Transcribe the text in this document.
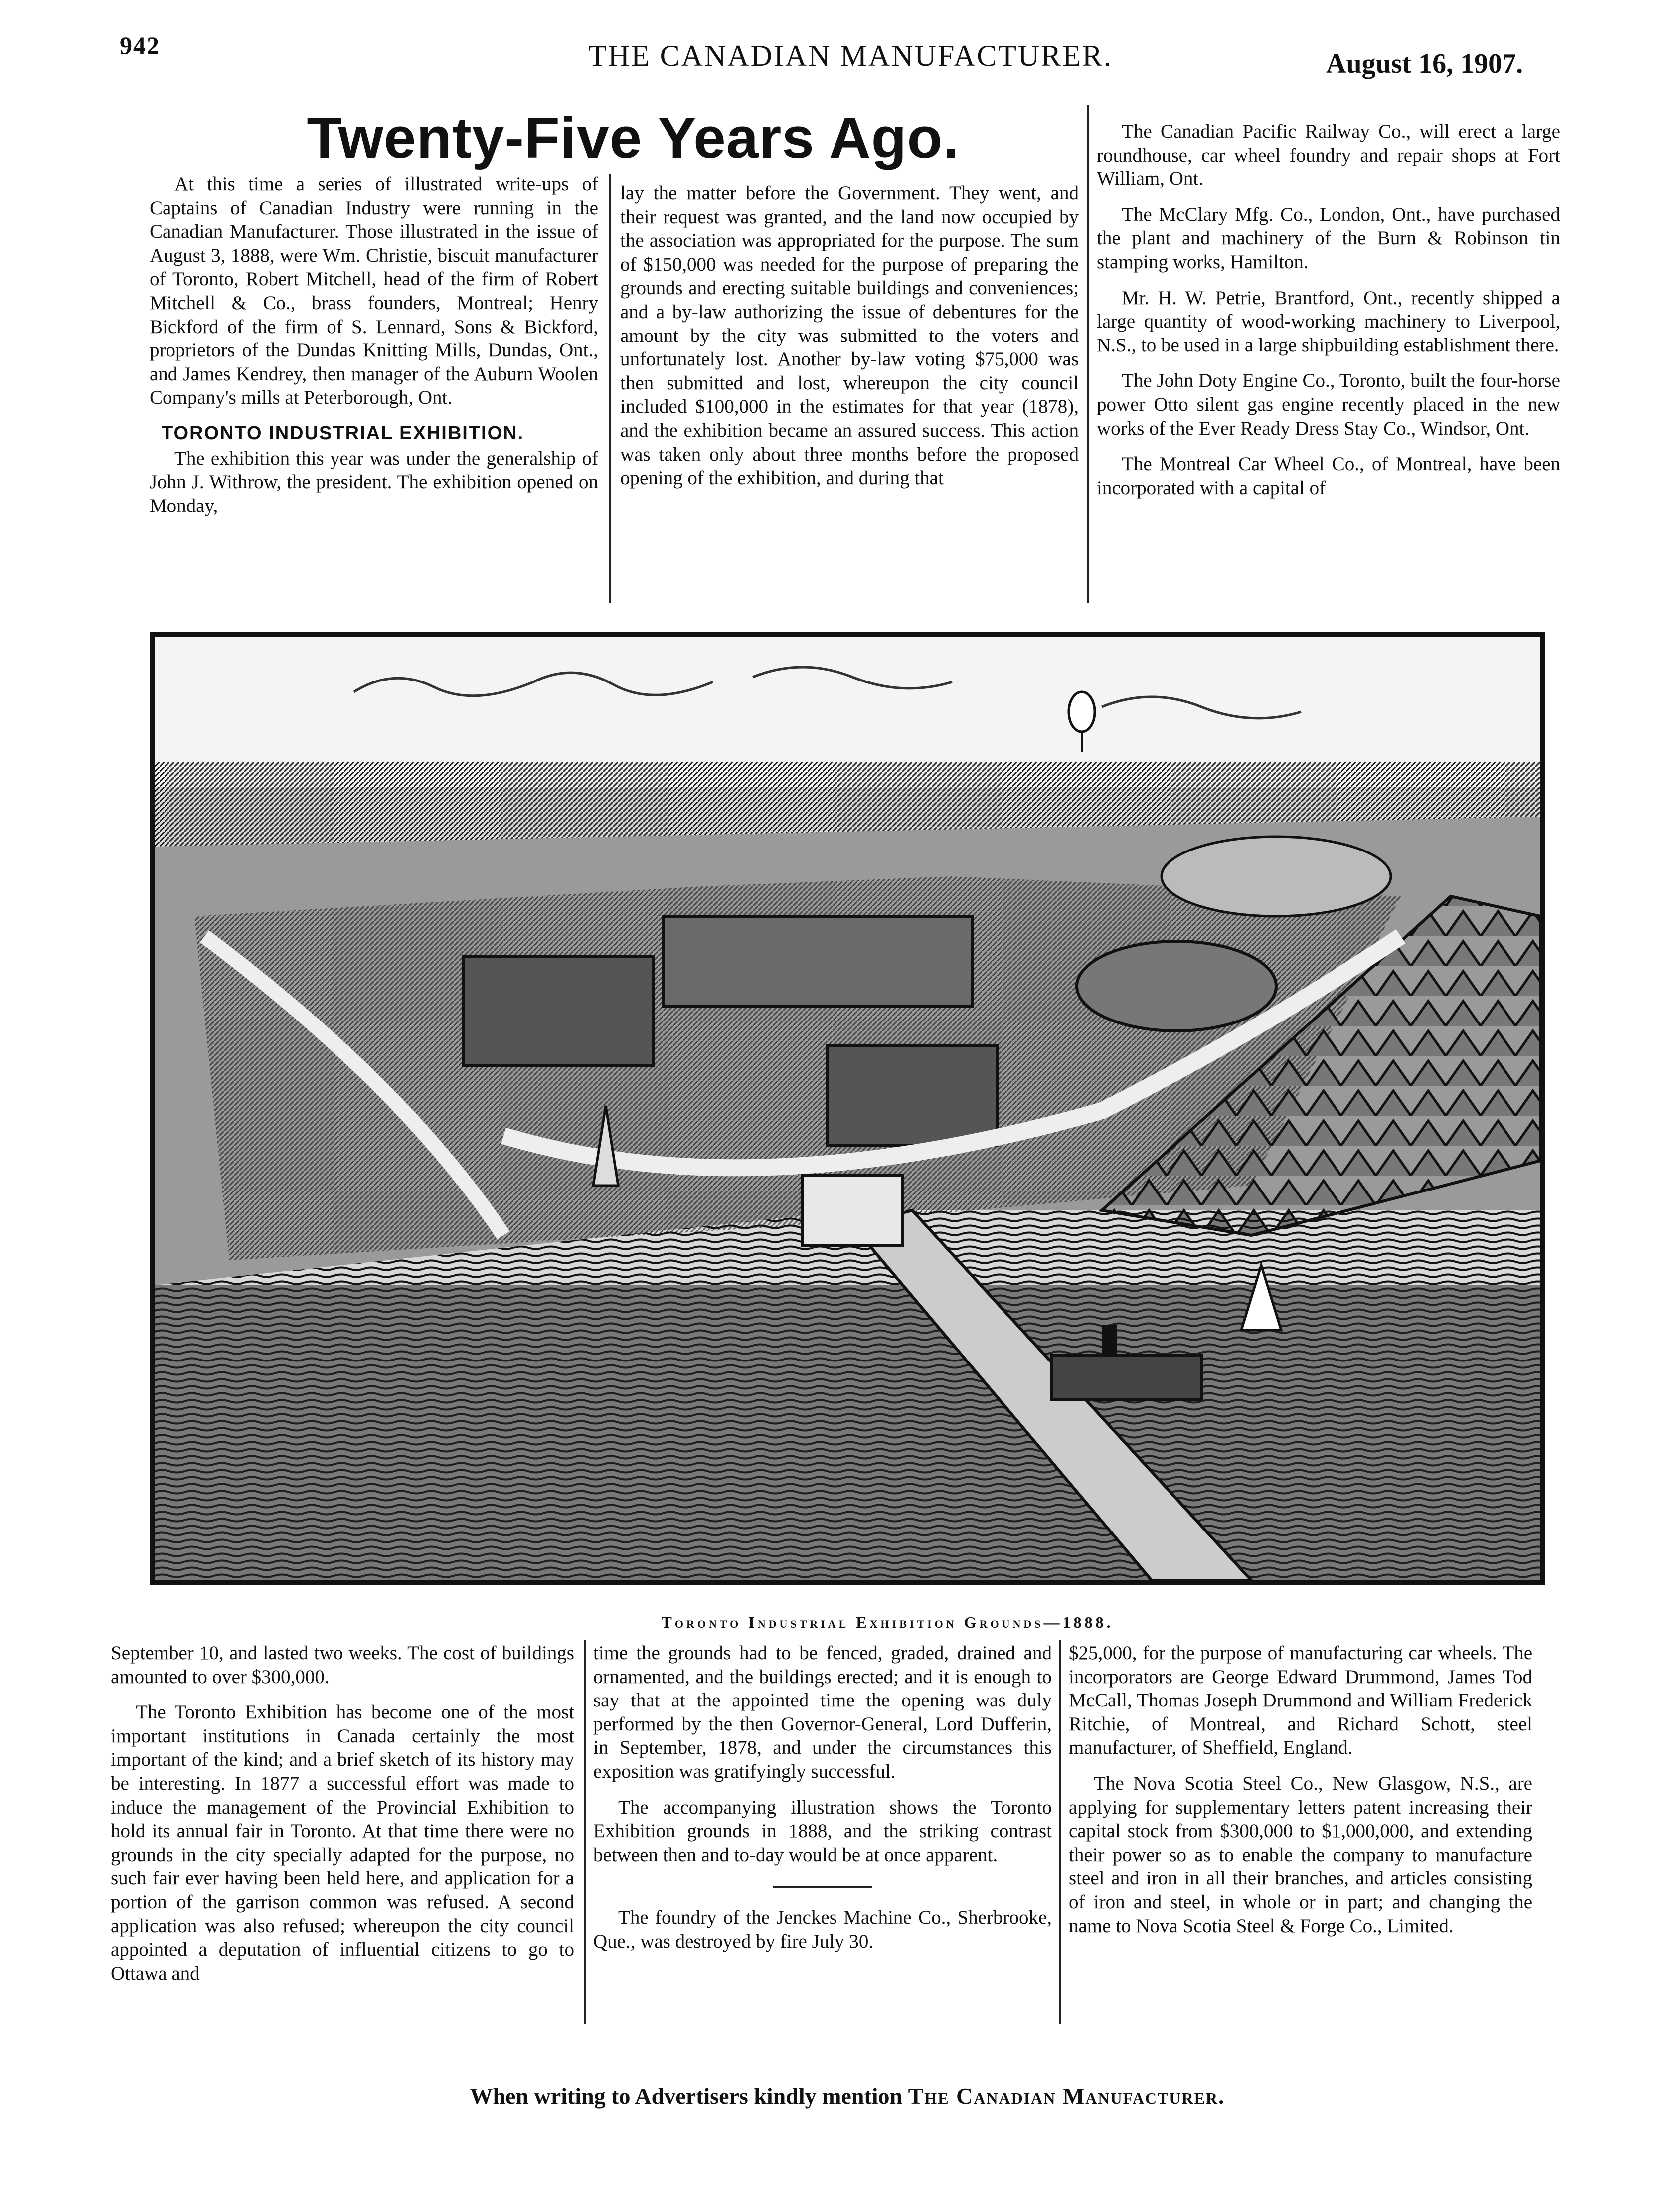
942	THE CANADIAN MANUFACTURER.	August 16, 1907.
Twenty-Five Years Ago.

At this time a series of illustrated write-ups of Captains of Canadian Industry were running in the Canadian Manufacturer. Those illustrated in the issue of August 3, 1888, were Wm. Christie, biscuit manufacturer of Toronto, Robert Mitchell, head of the firm of Robert Mitchell & Co., brass founders, Montreal; Henry Bickford of the firm of S. Lennard, Sons & Bickford, proprietors of the Dundas Knitting Mills, Dundas, Ont., and James Kendrey, then manager of the Auburn Woolen Company's mills at Peterborough, Ont.

TORONTO INDUSTRIAL EXHIBITION.

The exhibition this year was under the generalship of John J. Withrow, the president. The exhibition opened on Monday,

lay the matter before the Government. They went, and their request was granted, and the land now occupied by the association was appropriated for the purpose. The sum of $150,000 was needed for the purpose of preparing the grounds and erecting suitable buildings and conveniences; and a by-law authorizing the issue of debentures for the amount by the city was submitted to the voters and unfortunately lost. Another by-law voting $75,000 was then submitted and lost, whereupon the city council included $100,000 in the estimates for that year (1878), and the exhibition became an assured success. This action was taken only about three months before the proposed opening of the exhibition, and during that

The Canadian Pacific Railway Co., will erect a large roundhouse, car wheel foundry and repair shops at Fort William, Ont.

The McClary Mfg. Co., London, Ont., have purchased the plant and machinery of the Burn & Robinson tin stamping works, Hamilton.

Mr. H. W. Petrie, Brantford, Ont., recently shipped a large quantity of wood-working machinery to Liverpool, N.S., to be used in a large shipbuilding establishment there.

The John Doty Engine Co., Toronto, built the four-horse power Otto silent gas engine recently placed in the new works of the Ever Ready Dress Stay Co., Windsor, Ont.

The Montreal Car Wheel Co., of Montreal, have been incorporated with a capital of

Toronto Industrial Exhibition Grounds—1888.

September 10, and lasted two weeks. The cost of buildings amounted to over $300,000.

The Toronto Exhibition has become one of the most important institutions in Canada certainly the most important of the kind; and a brief sketch of its history may be interesting. In 1877 a successful effort was made to induce the management of the Provincial Exhibition to hold its annual fair in Toronto. At that time there were no grounds in the city specially adapted for the purpose, no such fair ever having been held here, and application for a portion of the garrison common was refused. A second application was also refused; whereupon the city council appointed a deputation of influential citizens to go to Ottawa and

time the grounds had to be fenced, graded, drained and ornamented, and the buildings erected; and it is enough to say that at the appointed time the opening was duly performed by the then Governor-General, Lord Dufferin, in September, 1878, and under the circumstances this exposition was gratifyingly successful.

The accompanying illustration shows the Toronto Exhibition grounds in 1888, and the striking contrast between then and to-day would be at once apparent.

The foundry of the Jenckes Machine Co., Sherbrooke, Que., was destroyed by fire July 30.

$25,000, for the purpose of manufacturing car wheels. The incorporators are George Edward Drummond, James Tod McCall, Thomas Joseph Drummond and William Frederick Ritchie, of Montreal, and Richard Schott, steel manufacturer, of Sheffield, England.

The Nova Scotia Steel Co., New Glasgow, N.S., are applying for supplementary letters patent increasing their capital stock from $300,000 to $1,000,000, and extending their power so as to enable the company to manufacture steel and iron in all their branches, and articles consisting of iron and steel, in whole or in part; and changing the name to Nova Scotia Steel & Forge Co., Limited.

When writing to Advertisers kindly mention The Canadian Manufacturer.
